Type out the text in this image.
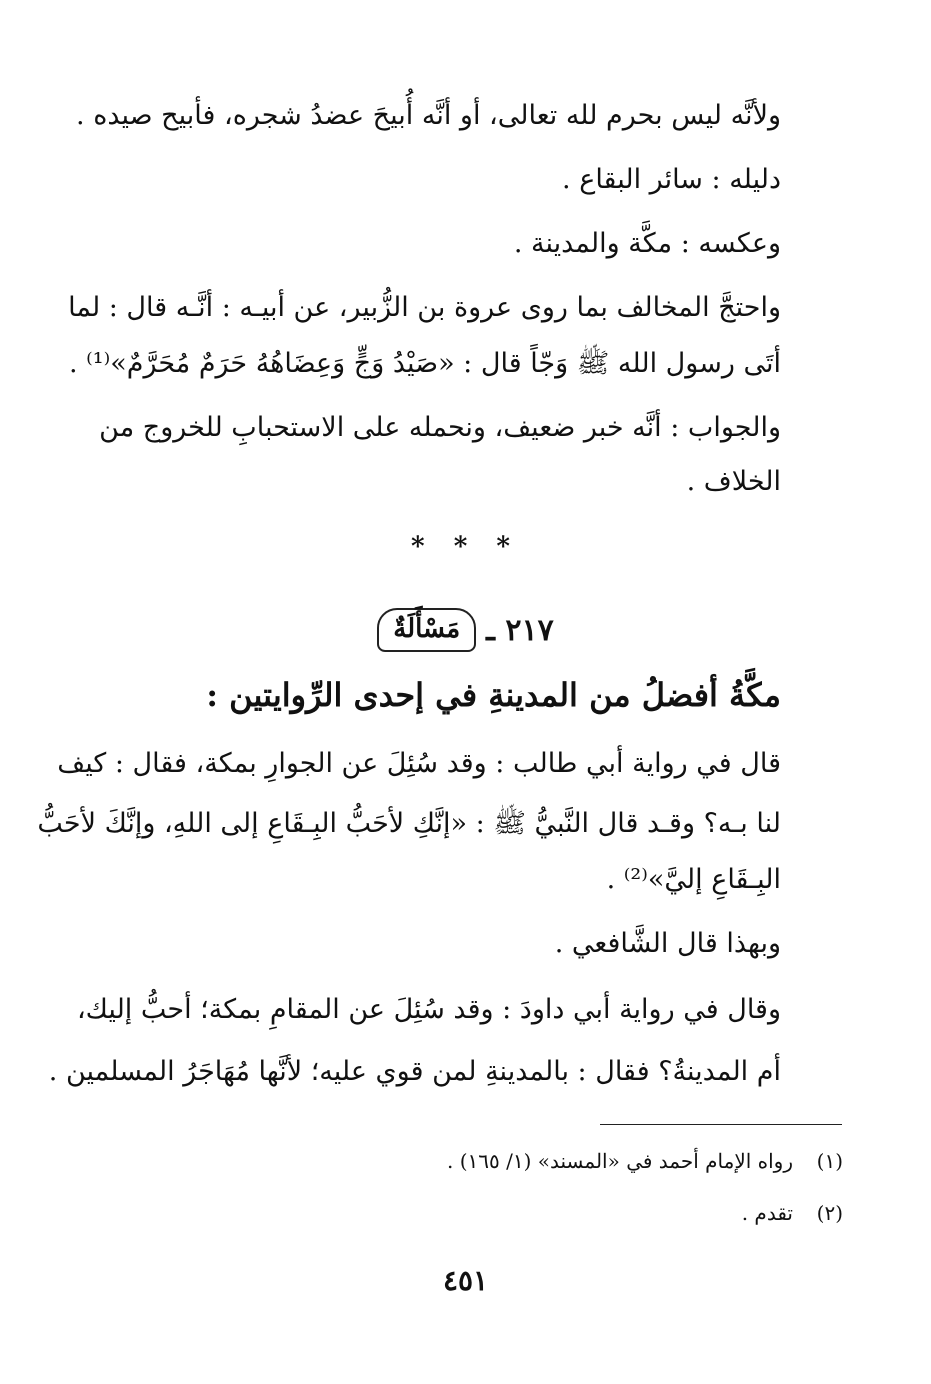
ولأنَّه ليس بحرم لله تعالى، أو أنَّه أُبيحَ عضدُ شجره، فأبيح صيده .
دليله : سائر البقاع .
وعكسه : مكَّة والمدينة .
واحتجَّ المخالف بما روى عروة بن الزُّبير، عن أبيـه : أنَّـه قال : لما
أتَى رسول الله ﷺ وَجّاً قال : «صَيْدُ وَجٍّ وَعِضَاهُهُ حَرَمٌ مُحَرَّمٌ»⁽¹⁾ .
والجواب : أنَّه خبر ضعيف، ونحمله على الاستحبابِ للخروج من
الخلاف .
* * *
٢١٧ ـ
مَسْأَلَةٌ
مكَّةُ أفضلُ من المدينةِ في إحدى الرِّوايتين :
قال في رواية أبي طالب : وقد سُئِلَ عن الجوارِ بمكة، فقال : كيف
لنا بـه؟ وقـد قال النَّبيُّ ﷺ : «إنَّكِ لأحَبُّ البِـقَاعِ إلى اللهِ، وإنَّكَ لأحَبُّ
البِـقَاعِ إليَّ»⁽²⁾ .
وبهذا قال الشَّافعي .
وقال في رواية أبي داودَ : وقد سُئِلَ عن المقامِ بمكة؛ أحبُّ إليك،
أم المدينةُ؟ فقال : بالمدينةِ لمن قوي عليه؛ لأنَّها مُهَاجَرُ المسلمين .
(١)رواه الإمام أحمد في «المسند» (١/ ١٦٥) .
(٢)تقدم .
٤٥١
